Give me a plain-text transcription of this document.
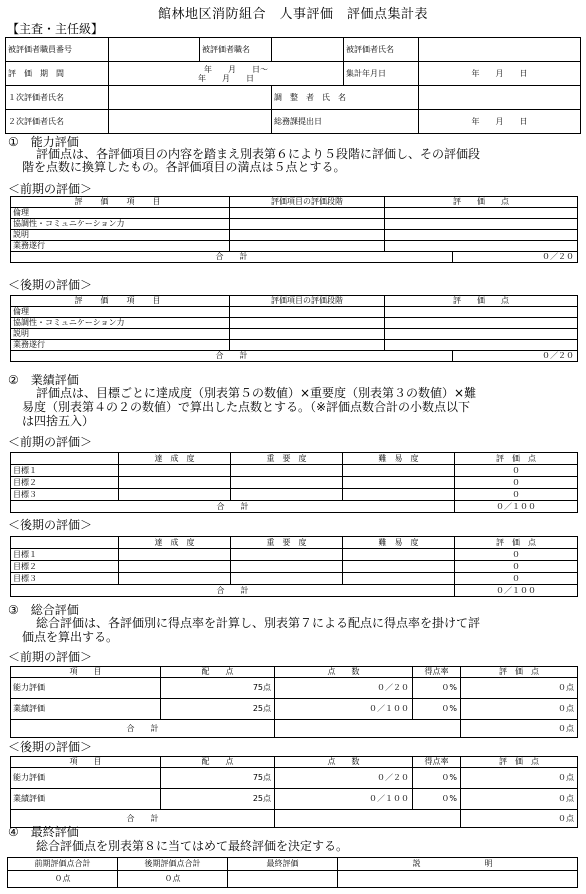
館林地区消防組合　人事評価　評価点集計表
【主査・主任級】
被評価者職員番号		被評価者職名		被評価者氏名	
評　価　期　間	年　　月　　日～
年　　月　　日			集計年月日	年　　月　　日
１次評価者氏名			調　整　者　氏　名		
２次評価者氏名			総務課提出日		年　　月　　日
①　能力評価
評価点は、各評価項目の内容を踏まえ別表第６により５段階に評価し、その評価段
階を点数に換算したもの。各評価項目の満点は５点とする。
＜前期の評価＞
評　価　項　目	評価項目の評価段階	評　　価　　点	
倫理			
協調性・コミュニケーション力			
説明			
業務遂行			
合　　計			０／２０
＜後期の評価＞
評　価　項　目	評価項目の評価段階	評　　価　　点	
倫理			
協調性・コミュニケーション力			
説明			
業務遂行			
合　　計			０／２０
②　業績評価
評価点は、目標ごとに達成度（別表第５の数値）×重要度（別表第３の数値）×難
易度（別表第４の２の数値）で算出した点数とする。（※評価点数合計の小数点以下
は四捨五入）
＜前期の評価＞
	達　成　度	重　要　度	難　易　度	評　価　点
目標１				０
目標２				０
目標３				０
合　　計				０／１００
＜後期の評価＞
	達　成　度	重　要　度	難　易　度	評　価　点
目標１				０
目標２				０
目標３				０
合　　計				０／１００
③　総合評価
総合評価は、各評価別に得点率を計算し、別表第７による配点に得点率を掛けて評
価点を算出する。
＜前期の評価＞
項　　目	配　　点	点　　数	得点率	評　価　点
能力評価	75点	０／２０	０%	０点
業績評価	25点	０／１００	０%	０点
合　　計				０点
＜後期の評価＞
項　　目	配　　点	点　　数	得点率	評　価　点
能力評価	75点	０／２０	０%	０点
業績評価	25点	０／１００	０%	０点
合　　計				０点
④　最終評価
総合評価点を別表第８に当てはめて最終評価を決定する。
前期評価点合計	後期評価点合計	最終評価	説　　　明
０点	０点		
